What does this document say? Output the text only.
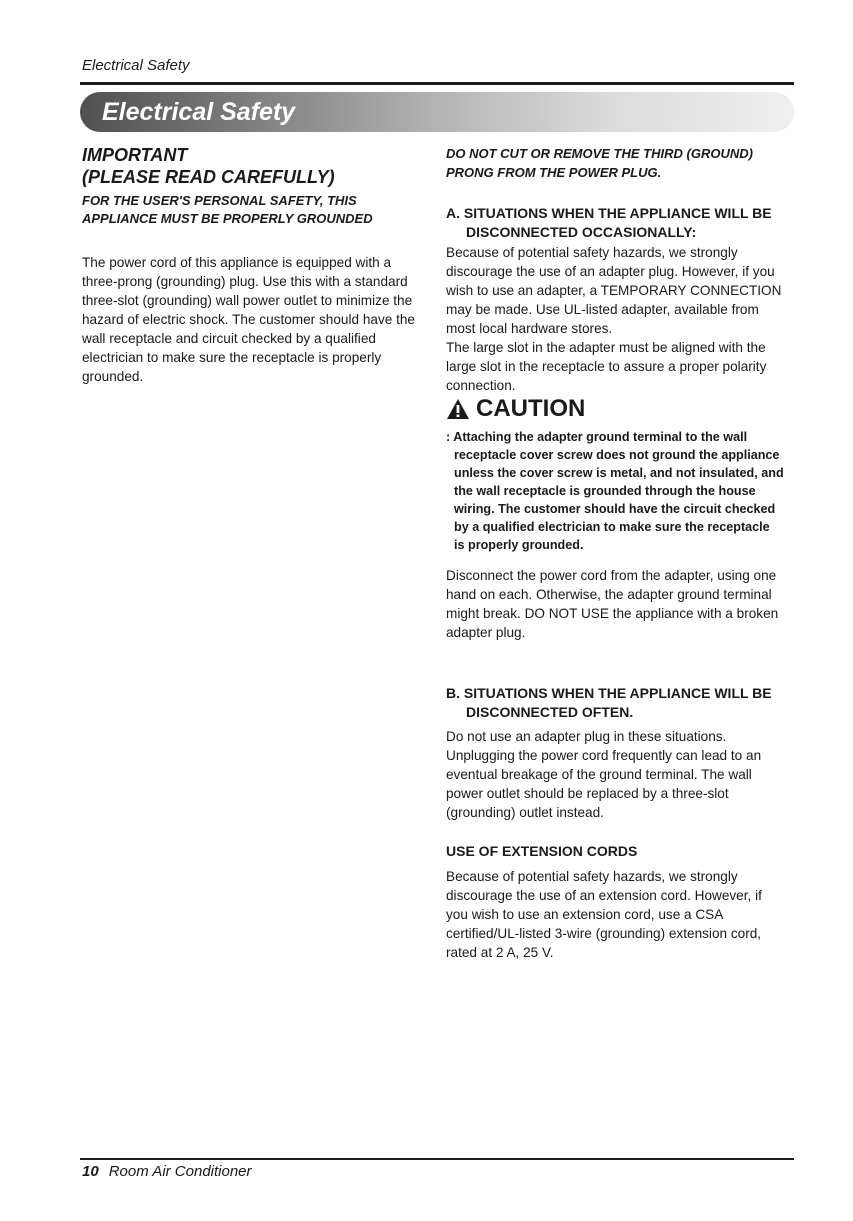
Electrical Safety
Electrical Safety
IMPORTANT
(PLEASE READ CAREFULLY)
FOR THE USER'S PERSONAL SAFETY, THIS
APPLIANCE MUST BE PROPERLY GROUNDED
The power cord of this appliance is equipped with a
three-prong (grounding) plug. Use this with a standard
three-slot (grounding) wall power outlet to minimize the
hazard of electric shock. The customer should have the
wall receptacle and circuit checked by a qualified
electrician to make sure the receptacle is properly
grounded.
DO NOT CUT OR REMOVE THE THIRD (GROUND)
PRONG FROM THE POWER PLUG.
A. SITUATIONS WHEN THE APPLIANCE WILL BE
DISCONNECTED OCCASIONALLY:
Because of potential safety hazards, we strongly
discourage the use of an adapter plug. However, if you
wish to use an adapter, a TEMPORARY CONNECTION
may be made. Use UL-listed adapter, available from
most local hardware stores.
The large slot in the adapter must be aligned with the
large slot in the receptacle to assure a proper polarity
connection.
CAUTION
: Attaching the adapter ground terminal to the wall
receptacle cover screw does not ground the appliance
unless the cover screw is metal, and not insulated, and
the wall receptacle is grounded through the house
wiring. The customer should have the circuit checked
by a qualified electrician to make sure the receptacle
is properly grounded.
Disconnect the power cord from the adapter, using one
hand on each. Otherwise, the adapter ground terminal
might break. DO NOT USE the appliance with a broken
adapter plug.
B. SITUATIONS WHEN THE APPLIANCE WILL BE
DISCONNECTED OFTEN.
Do not use an adapter plug in these situations.
Unplugging the power cord frequently can lead to an
eventual breakage of the ground terminal. The wall
power outlet should be replaced by a three-slot
(grounding) outlet instead.
USE OF EXTENSION CORDS
Because of potential safety hazards, we strongly
discourage the use of an extension cord. However, if
you wish to use an extension cord, use a CSA
certified/UL-listed 3-wire (grounding) extension cord,
rated at 2 A, 25 V.
10 Room Air Conditioner
